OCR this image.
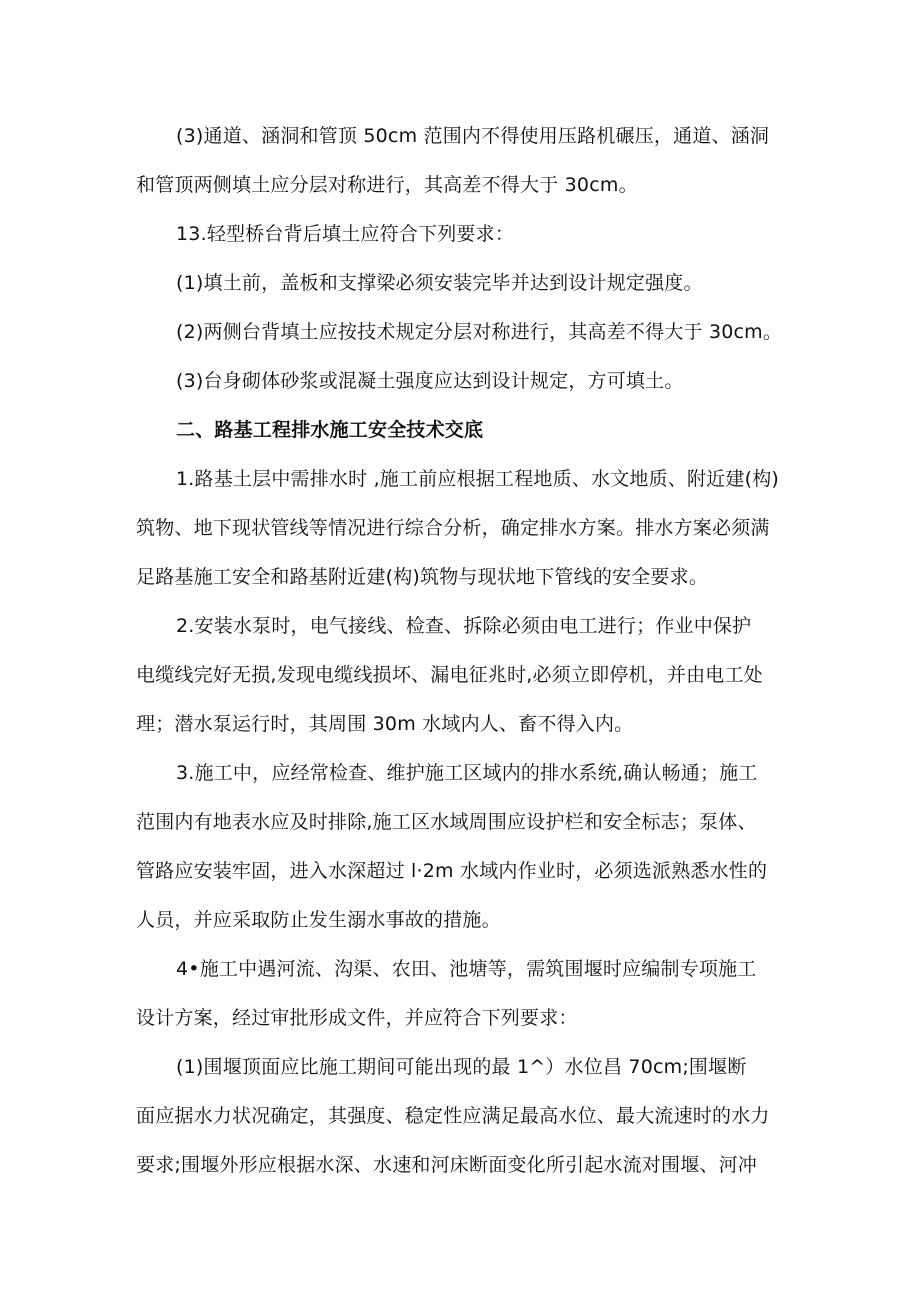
(3)通道、涵洞和管顶 50cm 范围内不得使用压路机碾压，通道、涵洞
和管顶两侧填土应分层对称进行，其高差不得大于 30cm。
13.轻型桥台背后填土应符合下列要求：
(1)填土前，盖板和支撑梁必须安装完毕并达到设计规定强度。
(2)两侧台背填土应按技术规定分层对称进行，其高差不得大于 30cm。
(3)台身砌体砂浆或混凝土强度应达到设计规定，方可填土。
二、路基工程排水施工安全技术交底
1.路基土层中需排水时 ,施工前应根据工程地质、水文地质、附近建(构)
筑物、地下现状管线等情况进行综合分析，确定排水方案。排水方案必须满
足路基施工安全和路基附近建(构)筑物与现状地下管线的安全要求。
2.安装水泵时，电气接线、检查、拆除必须由电工进行；作业中保护
电缆线完好无损,发现电缆线损坏、漏电征兆时,必须立即停机，并由电工处
理；潜水泵运行时，其周围 30m 水域内人、畜不得入内。
3.施工中，应经常检查、维护施工区域内的排水系统,确认畅通；施工
范围内有地表水应及时排除,施工区水域周围应设护栏和安全标志；泵体、
管路应安装牢固，进入水深超过 l·2m 水域内作业时，必须选派熟悉水性的
人员，并应采取防止发生溺水事故的措施。
4•施工中遇河流、沟渠、农田、池塘等，需筑围堰时应编制专项施工
设计方案，经过审批形成文件，并应符合下列要求：
(1)围堰顶面应比施工期间可能出现的最 1^）水位昌 70cm;围堰断
面应据水力状况确定，其强度、稳定性应满足最高水位、最大流速时的水力
要求;围堰外形应根据水深、水速和河床断面变化所引起水流对围堰、河冲
